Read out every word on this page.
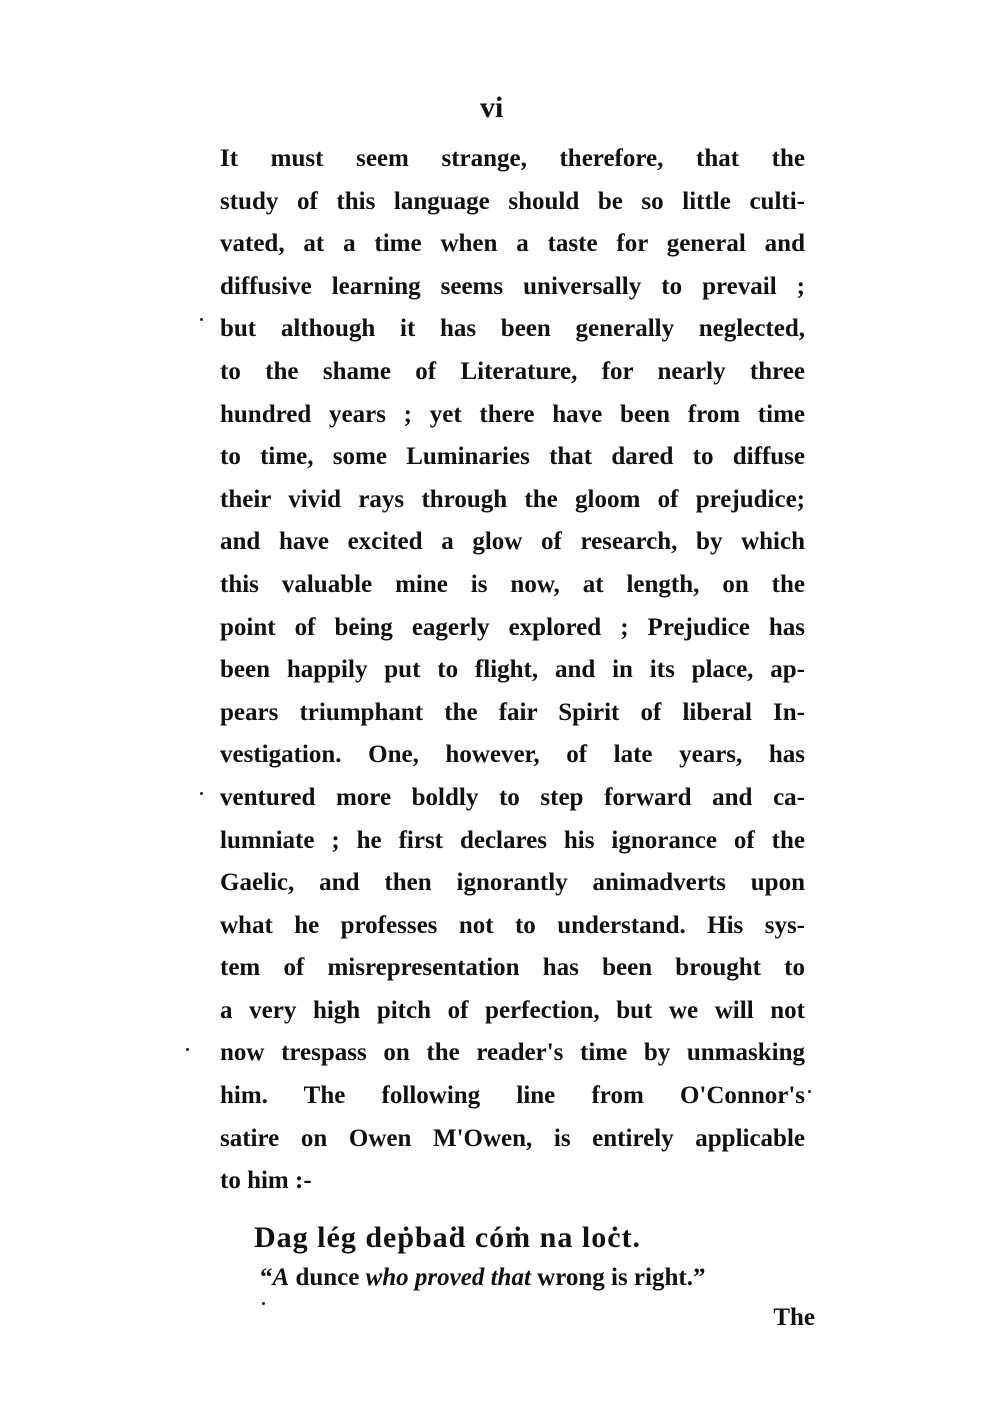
vi
It must seem strange, therefore, that the
study of this language should be so little culti-
vated, at a time when a taste for general and
diffusive learning seems universally to prevail ;
but although it has been generally neglected,
to the shame of Literature, for nearly three
hundred years ; yet there have been from time
to time, some Luminaries that dared to diffuse
their vivid rays through the gloom of prejudice;
and have excited a glow of research, by which
this valuable mine is now, at length, on the
point of being eagerly explored ; Prejudice has
been happily put to flight, and in its place, ap-
pears triumphant the fair Spirit of liberal In-
vestigation. One, however, of late years, has
ventured more boldly to step forward and ca-
lumniate ; he first declares his ignorance of the
Gaelic, and then ignorantly animadverts upon
what he professes not to understand. His sys-
tem of misrepresentation has been brought to
a very high pitch of perfection, but we will not
now trespass on the reader's time by unmasking
him. The following line from O'Connor's
satire on Owen M'Owen, is entirely applicable
to him :-
Dag lég deṗbaḋ cóṁ na loċt.
“A dunce who proved that wrong is right.”
The
